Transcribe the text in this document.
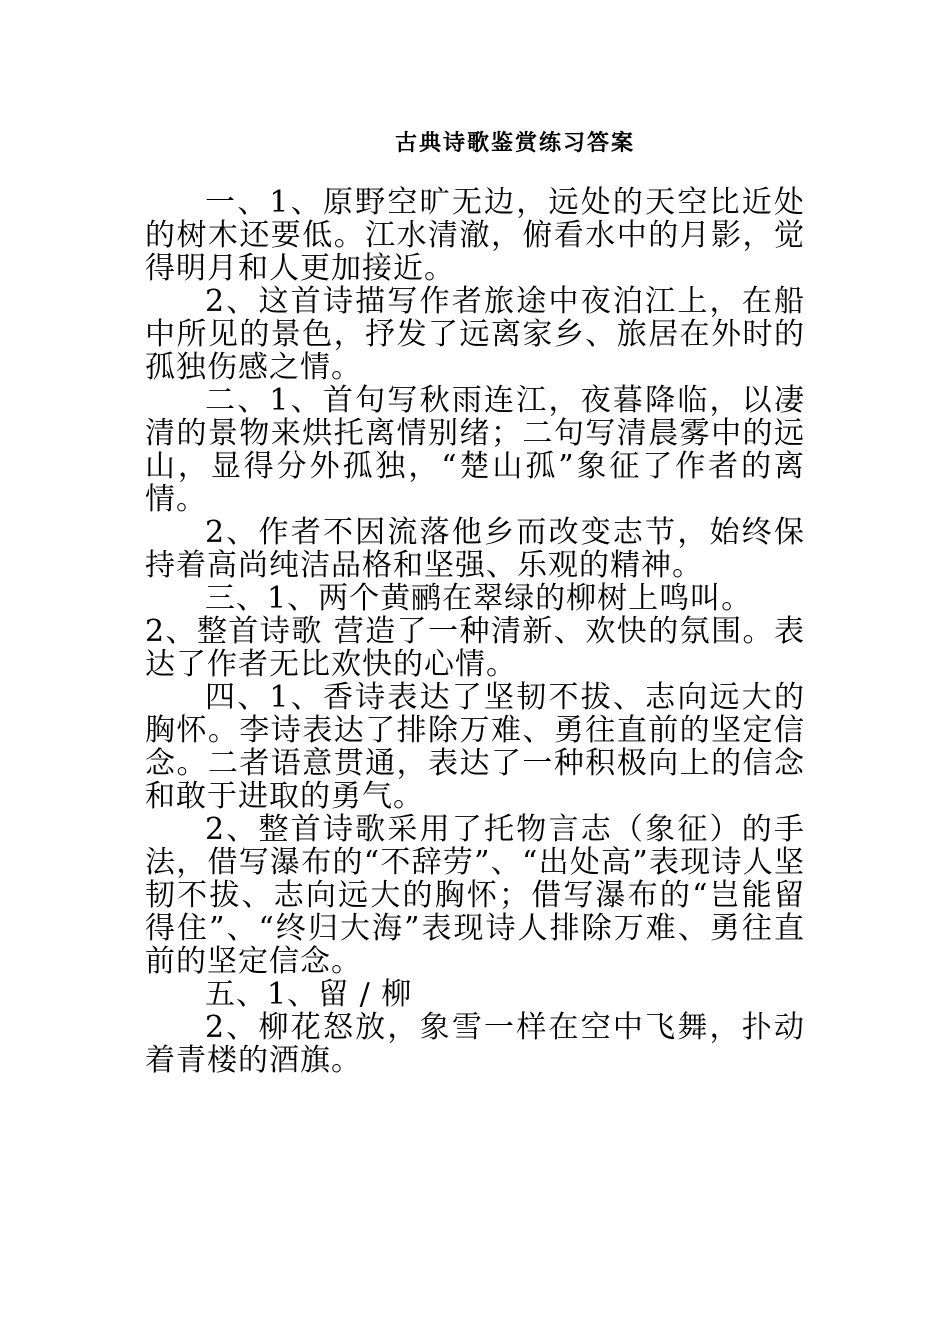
古典诗歌鉴赏练习答案

一、1、原野空旷无边，远处的天空比近处的树木还要低。江水清澈，俯看水中的月影，觉得明月和人更加接近。

2、这首诗描写作者旅途中夜泊江上，在船中所见的景色，抒发了远离家乡、旅居在外时的孤独伤感之情。

二、1、首句写秋雨连江，夜暮降临，以凄清的景物来烘托离情别绪；二句写清晨雾中的远山，显得分外孤独，“楚山孤”象征了作者的离情。

2、作者不因流落他乡而改变志节，始终保持着高尚纯洁品格和坚强、乐观的精神。

三、1、两个黄鹂在翠绿的柳树上鸣叫。

2、整首诗歌 营造了一种清新、欢快的氛围。表达了作者无比欢快的心情。

四、1、香诗表达了坚韧不拔、志向远大的胸怀。李诗表达了排除万难、勇往直前的坚定信念。二者语意贯通，表达了一种积极向上的信念和敢于进取的勇气。

2、整首诗歌采用了托物言志（象征）的手法，借写瀑布的“不辞劳”、“出处高”表现诗人坚韧不拔、志向远大的胸怀；借写瀑布的“岂能留得住”、“终归大海”表现诗人排除万难、勇往直前的坚定信念。

五、1、留 / 柳

2、柳花怒放，象雪一样在空中飞舞，扑动着青楼的酒旗。
